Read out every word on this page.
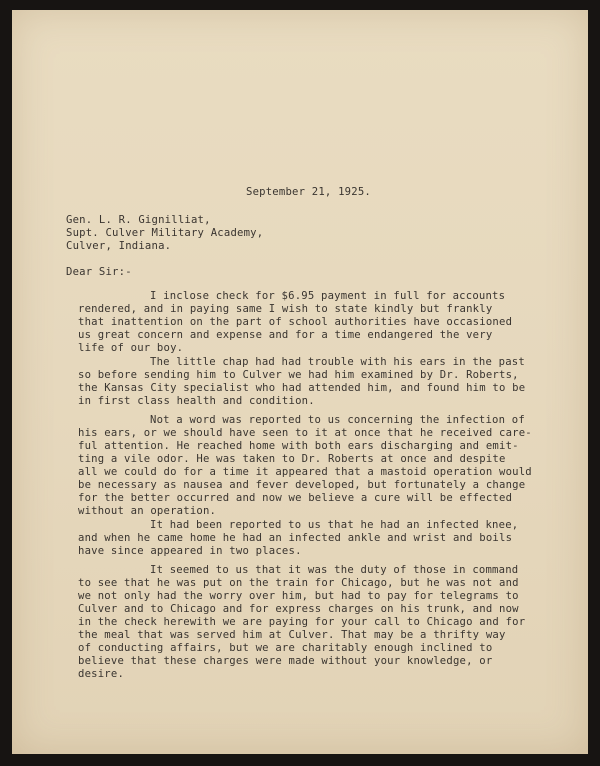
September 21, 1925.

Gen. L. R. Gignilliat,

Supt. Culver Military Academy,

Culver, Indiana.

Dear Sir:-

I inclose check for $6.95 payment in full for accounts

rendered, and in paying same I wish to state kindly but frankly

that inattention on the part of school authorities have occasioned

us great concern and expense and for a time endangered the very

life of our boy.

The little chap had had trouble with his ears in the past

so before sending him to Culver we had him examined by Dr. Roberts,

the Kansas City specialist who had attended him, and found him to be

in first class health and condition.

Not a word was reported to us concerning the infection of

his ears, or we should have seen to it at once that he received care-

ful attention. He reached home with both ears discharging and emit-

ting a vile odor. He was taken to Dr. Roberts at once and despite

all we could do for a time it appeared that a mastoid operation would

be necessary as nausea and fever developed, but fortunately a change

for the better occurred and now we believe a cure will be effected

without an operation.

It had been reported to us that he had an infected knee,

and when he came home he had an infected ankle and wrist and boils

have since appeared in two places.

It seemed to us that it was the duty of those in command

to see that he was put on the train for Chicago, but he was not and

we not only had the worry over him, but had to pay for telegrams to

Culver and to Chicago and for express charges on his trunk, and now

in the check herewith we are paying for your call to Chicago and for

the meal that was served him at Culver. That may be a thrifty way

of conducting affairs, but we are charitably enough inclined to

believe that these charges were made without your knowledge, or

desire.
